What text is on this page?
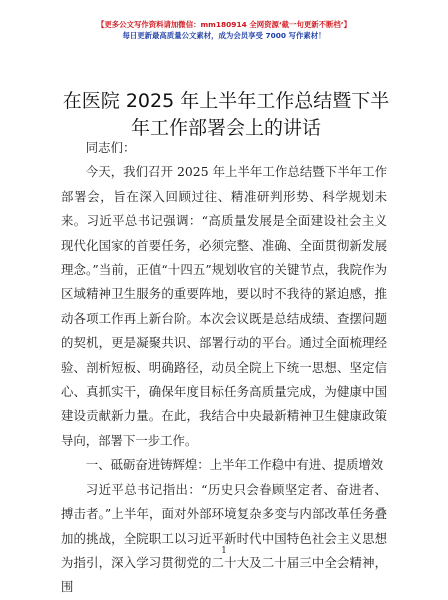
【更多公文写作资料请加微信：mm180914 全网资源‘截一句更新不断档’】
每日更新最高质量公文素材，成为会员享受 7000 写作素材！
在医院 2025 年上半年工作总结暨下半年工作部署会上的讲话

同志们：

今天，我们召开 2025 年上半年工作总结暨下半年工作部署会，旨在深入回顾过往、精准研判形势、科学规划未来。习近平总书记强调：“高质量发展是全面建设社会主义现代化国家的首要任务，必须完整、准确、全面贯彻新发展理念。”当前，正值“十四五”规划收官的关键节点，我院作为区域精神卫生服务的重要阵地，要以时不我待的紧迫感，推动各项工作再上新台阶。本次会议既是总结成绩、查摆问题的契机，更是凝聚共识、部署行动的平台。通过全面梳理经验、剖析短板、明确路径，动员全院上下统一思想、坚定信心、真抓实干，确保年度目标任务高质量完成，为健康中国建设贡献新力量。在此，我结合中央最新精神卫生健康政策导向，部署下一步工作。

一、砥砺奋进铸辉煌：上半年工作稳中有进、提质增效

习近平总书记指出：“历史只会眷顾坚定者、奋进者、搏击者。”上半年，面对外部环境复杂多变与内部改革任务叠加的挑战，全院职工以习近平新时代中国特色社会主义思想为指引，深入学习贯彻党的二十大及二十届三中全会精神，围

1
